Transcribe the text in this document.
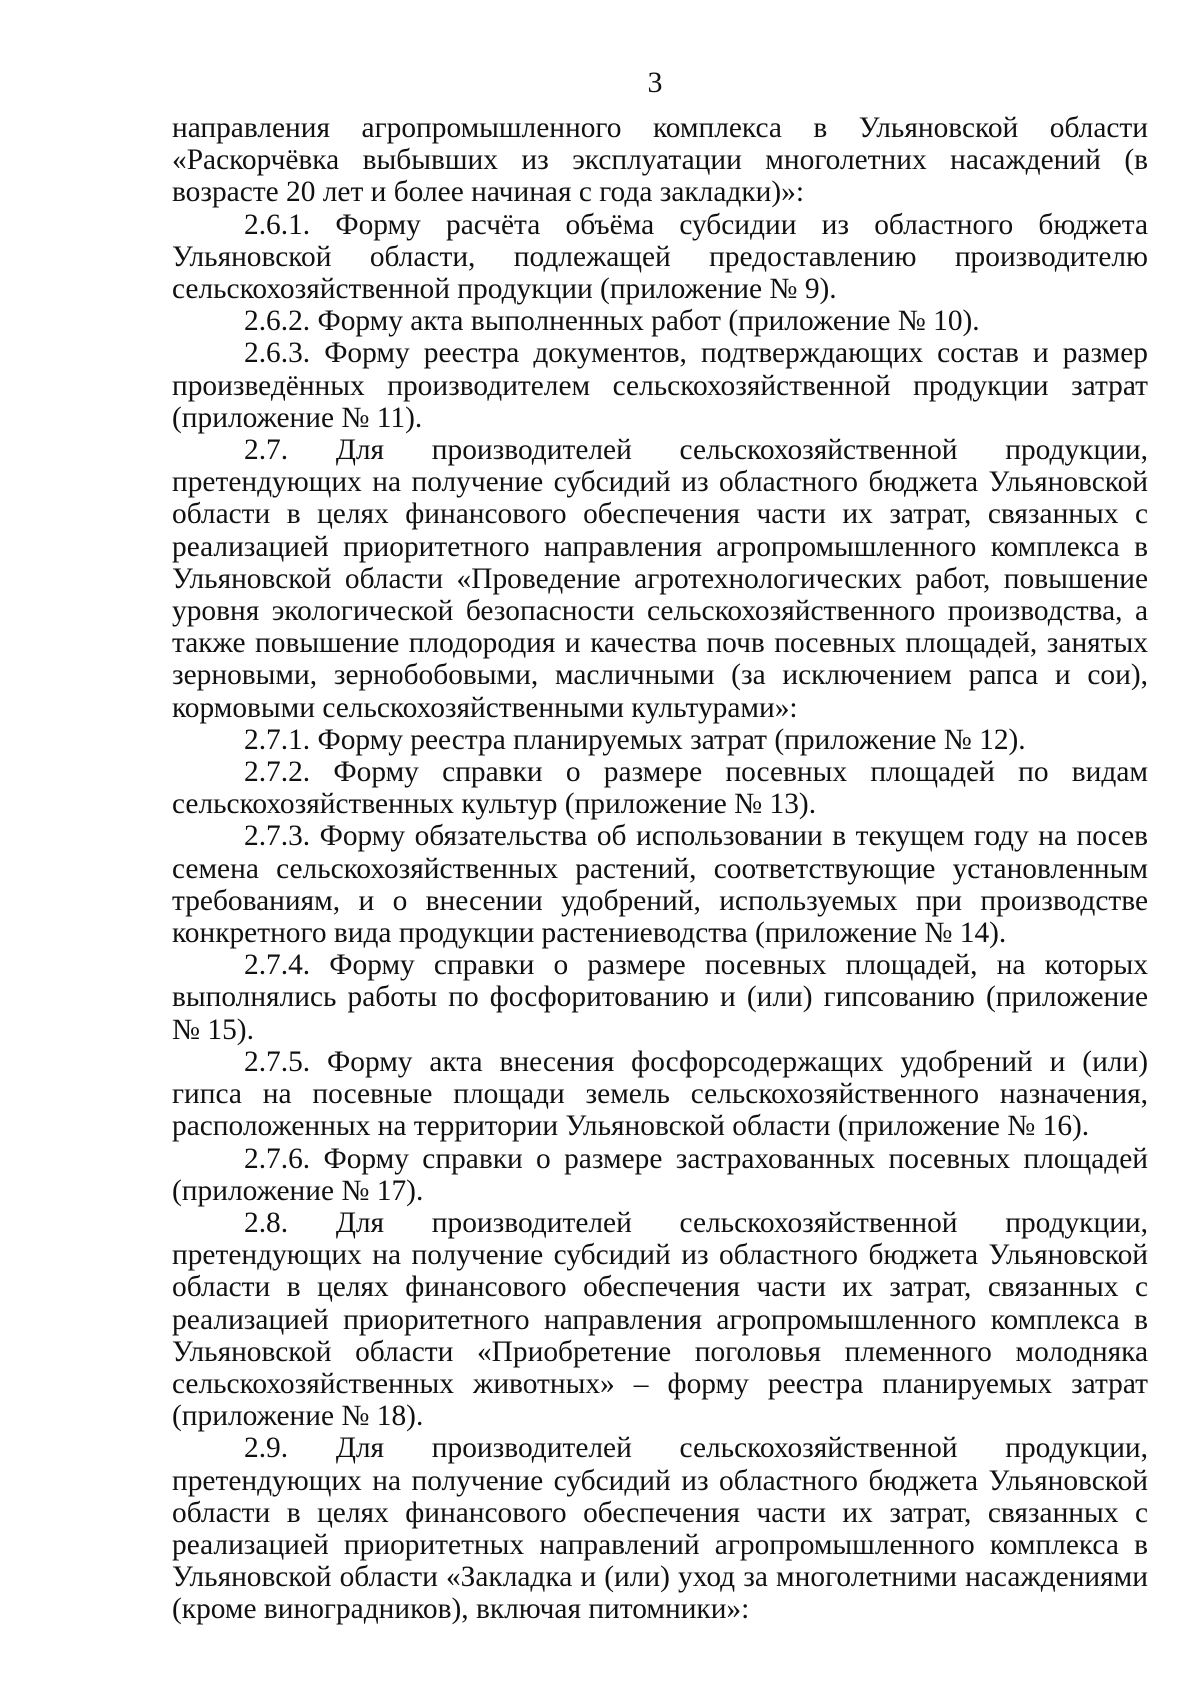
3

направления агропромышленного комплекса в Ульяновской области «Раскорчёвка выбывших из эксплуатации многолетних насаждений (в возрасте 20 лет и более начиная с года закладки)»:

2.6.1. Форму расчёта объёма субсидии из областного бюджета Ульяновской области, подлежащей предоставлению производителю сельскохозяйственной продукции (приложение № 9).

2.6.2. Форму акта выполненных работ (приложение № 10).

2.6.3. Форму реестра документов, подтверждающих состав и размер произведённых производителем сельскохозяйственной продукции затрат (приложение № 11).

2.7. Для производителей сельскохозяйственной продукции, претендующих на получение субсидий из областного бюджета Ульяновской области в целях финансового обеспечения части их затрат, связанных с реализацией приоритетного направления агропромышленного комплекса в Ульяновской области «Проведение агротехнологических работ, повышение уровня экологической безопасности сельскохозяйственного производства, а также повышение плодородия и качества почв посевных площадей, занятых зерновыми, зернобобовыми, масличными (за исключением рапса и сои), кормовыми сельскохозяйственными культурами»:

2.7.1. Форму реестра планируемых затрат (приложение № 12).

2.7.2. Форму справки о размере посевных площадей по видам сельскохозяйственных культур (приложение № 13).

2.7.3. Форму обязательства об использовании в текущем году на посев семена сельскохозяйственных растений, соответствующие установленным требованиям, и о внесении удобрений, используемых при производстве конкретного вида продукции растениеводства (приложение № 14).

2.7.4. Форму справки о размере посевных площадей, на которых выполнялись работы по фосфоритованию и (или) гипсованию (приложение № 15).

2.7.5. Форму акта внесения фосфорсодержащих удобрений и (или) гипса на посевные площади земель сельскохозяйственного назначения, расположенных на территории Ульяновской области (приложение № 16).

2.7.6. Форму справки о размере застрахованных посевных площадей (приложение № 17).

2.8. Для производителей сельскохозяйственной продукции, претендующих на получение субсидий из областного бюджета Ульяновской области в целях финансового обеспечения части их затрат, связанных с реализацией приоритетного направления агропромышленного комплекса в Ульяновской области «Приобретение поголовья племенного молодняка сельскохозяйственных животных» – форму реестра планируемых затрат (приложение № 18).

2.9. Для производителей сельскохозяйственной продукции, претендующих на получение субсидий из областного бюджета Ульяновской области в целях финансового обеспечения части их затрат, связанных с реализацией приоритетных направлений агропромышленного комплекса в Ульяновской области «Закладка и (или) уход за многолетними насаждениями (кроме виноградников), включая питомники»:
